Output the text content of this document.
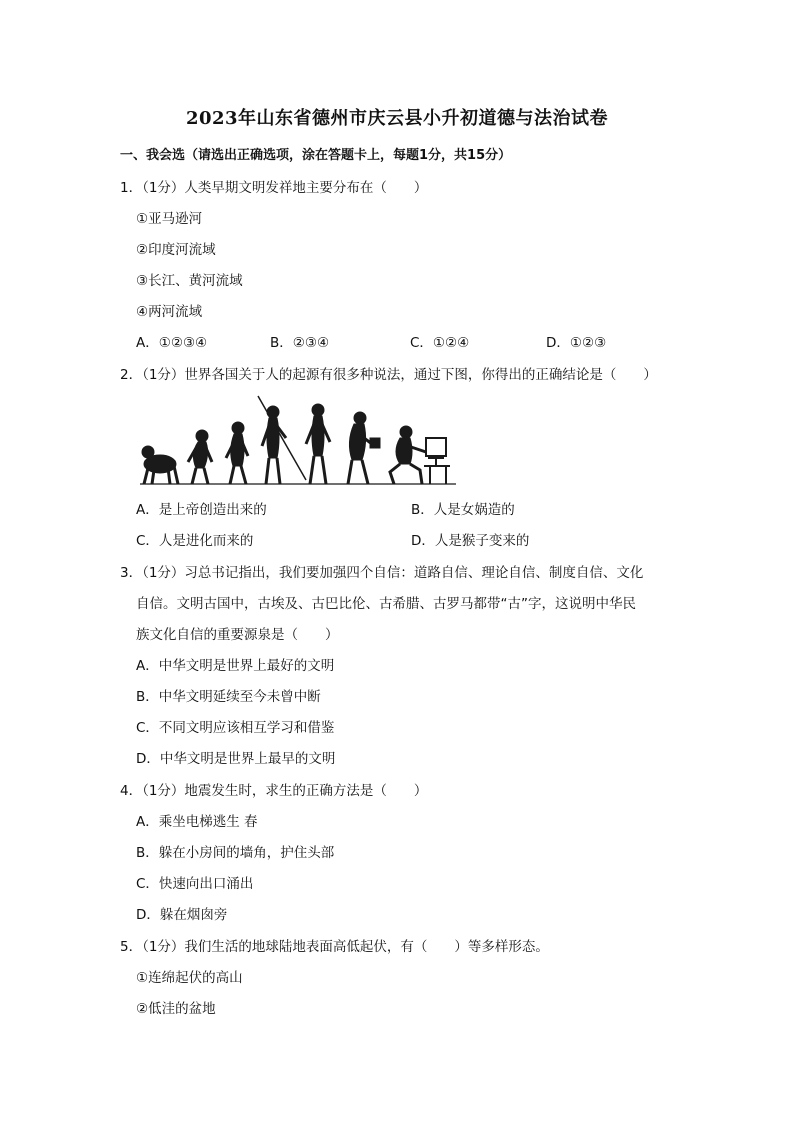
2023年山东省德州市庆云县小升初道德与法治试卷
一、我会选（请选出正确选项，涂在答题卡上，每题1分，共15分）
1．（1分）人类早期文明发祥地主要分布在（　　）
①亚马逊河
②印度河流域
③长江、黄河流域
④两河流域
A．①②③④	B．②③④	C．①②④	D．①②③
2．（1分）世界各国关于人的起源有很多种说法，通过下图，你得出的正确结论是（　　）
A．是上帝创造出来的	B．人是女娲造的
C．人是进化而来的	D．人是猴子变来的
3．（1分）习总书记指出，我们要加强四个自信：道路自信、理论自信、制度自信、文化
自信。文明古国中，古埃及、古巴比伦、古希腊、古罗马都带“古”字，这说明中华民
族文化自信的重要源泉是（　　）
A．中华文明是世界上最好的文明
B．中华文明延续至今未曾中断
C．不同文明应该相互学习和借鉴
D．中华文明是世界上最早的文明
4．（1分）地震发生时，求生的正确方法是（　　）
A．乘坐电梯逃生 春
B．躲在小房间的墙角，护住头部
C．快速向出口涌出
D．躲在烟囱旁
5．（1分）我们生活的地球陆地表面高低起伏，有（　　）等多样形态。
①连绵起伏的高山
②低洼的盆地
